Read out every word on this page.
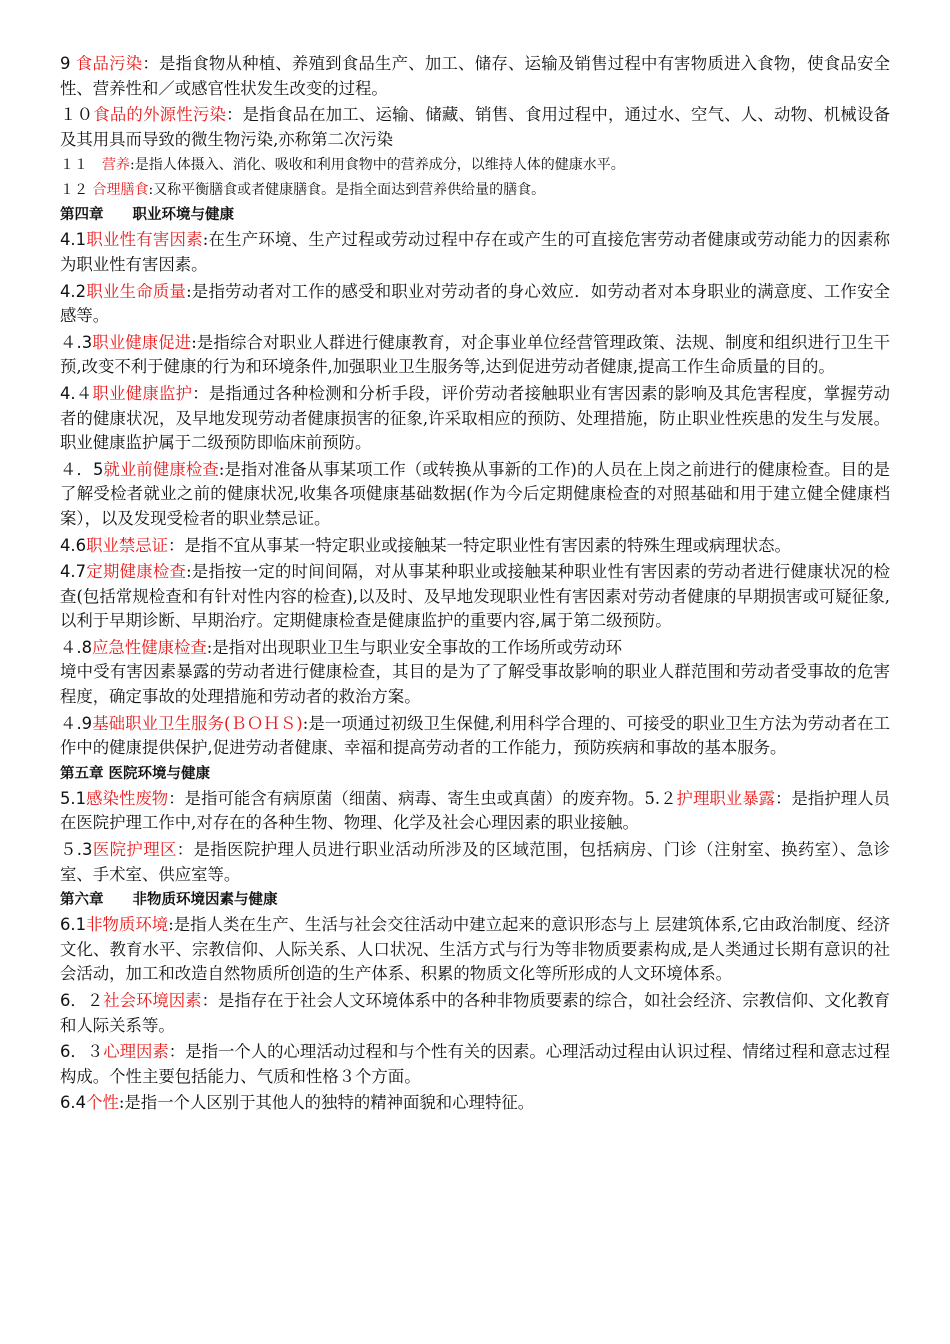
9 食品污染：是指食物从种植、养殖到食品生产、加工、储存、运输及销售过程中有害物质进入食物，使食品安全性、营养性和／或感官性状发生改变的过程。

１０食品的外源性污染：是指食品在加工、运输、储藏、销售、食用过程中，通过水、空气、人、动物、机械设备及其用具而导致的微生物污染,亦称第二次污染

１１　营养:是指人体摄入、消化、吸收和利用食物中的营养成分，以维持人体的健康水平。

１２ 合理膳食:又称平衡膳食或者健康膳食。是指全面达到营养供给量的膳食。

第四章　　职业环境与健康

4.1职业性有害因素:在生产环境、生产过程或劳动过程中存在或产生的可直接危害劳动者健康或劳动能力的因素称为职业性有害因素。

4.2职业生命质量:是指劳动者对工作的感受和职业对劳动者的身心效应．如劳动者对本身职业的满意度、工作安全感等。

４.3职业健康促进:是指综合对职业人群进行健康教育，对企事业单位经营管理政策、法规、制度和组织进行卫生干预,改变不利于健康的行为和环境条件,加强职业卫生服务等,达到促进劳动者健康,提高工作生命质量的目的。

4.４职业健康监护：是指通过各种检测和分析手段，评价劳动者接触职业有害因素的影响及其危害程度，掌握劳动者的健康状况，及早地发现劳动者健康损害的征象,许采取相应的预防、处理措施，防止职业性疾患的发生与发展。职业健康监护属于二级预防即临床前预防。

４．5就业前健康检查:是指对准备从事某项工作（或转换从事新的工作)的人员在上岗之前进行的健康检查。目的是了解受检者就业之前的健康状况,收集各项健康基础数据(作为今后定期健康检查的对照基础和用于建立健全健康档案），以及发现受检者的职业禁忌证。

4.6职业禁忌证：是指不宜从事某一特定职业或接触某一特定职业性有害因素的特殊生理或病理状态。

4.7定期健康检查:是指按一定的时间间隔，对从事某种职业或接触某种职业性有害因素的劳动者进行健康状况的检查(包括常规检查和有针对性内容的检查),以及时、及早地发现职业性有害因素对劳动者健康的早期损害或可疑征象,以利于早期诊断、早期治疗。定期健康检查是健康监护的重要内容,属于第二级预防。

４.8应急性健康检查:是指对出现职业卫生与职业安全事故的工作场所或劳动环

境中受有害因素暴露的劳动者进行健康检查，其目的是为了了解受事故影响的职业人群范围和劳动者受事故的危害程度，确定事故的处理措施和劳动者的救治方案。

４.9基础职业卫生服务(ＢＯＨＳ):是一项通过初级卫生保健,利用科学合理的、可接受的职业卫生方法为劳动者在工作中的健康提供保护,促进劳动者健康、幸福和提高劳动者的工作能力，预防疾病和事故的基本服务。

第五章 医院环境与健康

5.1感染性废物：是指可能含有病原菌（细菌、病毒、寄生虫或真菌）的废弃物。5.２护理职业暴露：是指护理人员在医院护理工作中,对存在的各种生物、物理、化学及社会心理因素的职业接触。

５.3医院护理区：是指医院护理人员进行职业活动所涉及的区域范围，包括病房、门诊（注射室、换药室）、急诊室、手术室、供应室等。

第六章　　非物质环境因素与健康

6.1非物质环境:是指人类在生产、生活与社会交往活动中建立起来的意识形态与上 层建筑体系,它由政治制度、经济文化、教育水平、宗教信仰、人际关系、人口状况、生活方式与行为等非物质要素构成,是人类通过长期有意识的社会活动，加工和改造自然物质所创造的生产体系、积累的物质文化等所形成的人文环境体系。

6．２社会环境因素：是指存在于社会人文环境体系中的各种非物质要素的综合，如社会经济、宗教信仰、文化教育和人际关系等。

6．３心理因素：是指一个人的心理活动过程和与个性有关的因素。心理活动过程由认识过程、情绪过程和意志过程构成。个性主要包括能力、气质和性格３个方面。

6.4个性:是指一个人区别于其他人的独特的精神面貌和心理特征。
